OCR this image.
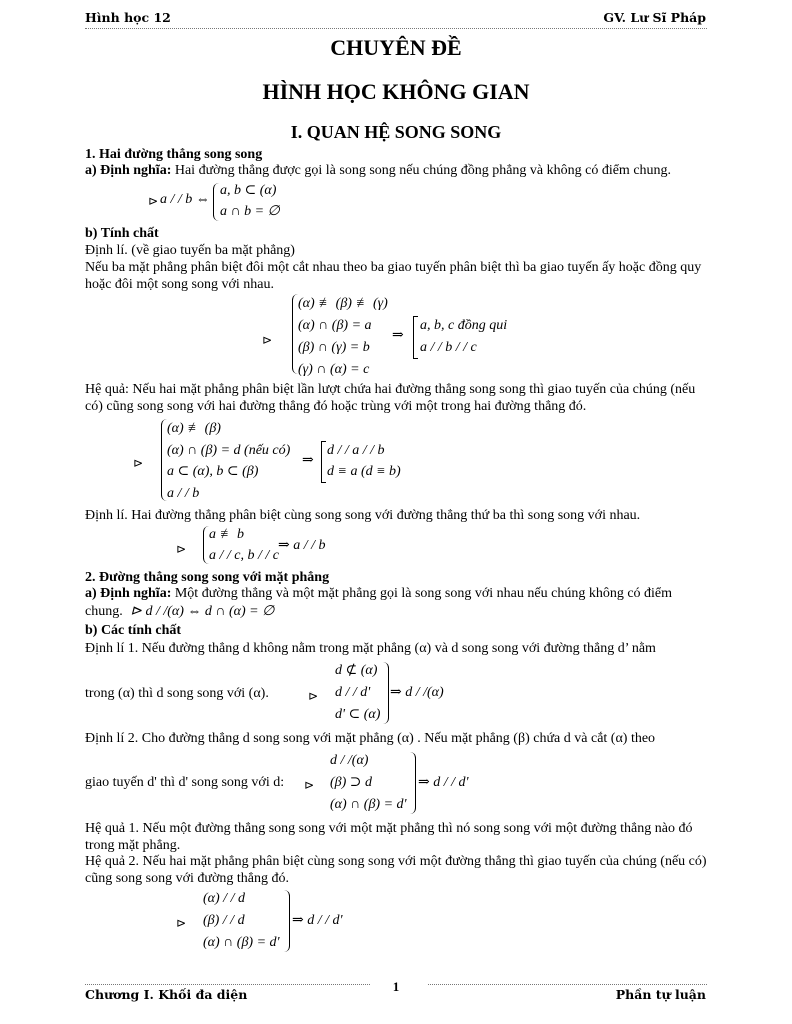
Hình học 12	GV. Lư Sĩ Pháp
CHUYÊN ĐỀ
HÌNH HỌC KHÔNG GIAN
I. QUAN HỆ SONG SONG
1. Hai đường thẳng song song
a) Định nghĩa: Hai đường thẳng được gọi là song song nếu chúng đồng phẳng và không có điểm chung.
⊳ a / / b ⇔
a, b ⊂ (α)
a ∩ b = ∅
b) Tính chất
Định lí. (về giao tuyến ba mặt phẳng)
Nếu ba mặt phẳng phân biệt đôi một cắt nhau theo ba giao tuyến phân biệt thì ba giao tuyến ấy hoặc đồng quy hoặc đôi một song song với nhau.
⊳
(α) ≢ (β) ≢ (γ)
(α) ∩ (β) = a
(β) ∩ (γ) = b
(γ) ∩ (α) = c
⇒
a, b, c đồng qui
a / / b / / c
Hệ quả: Nếu hai mặt phẳng phân biệt lần lượt chứa hai đường thẳng song song thì giao tuyến của chúng (nếu có) cũng song song với hai đường thẳng đó hoặc trùng với một trong hai đường thẳng đó.
⊳
(α) ≢ (β)
(α) ∩ (β) = d (nếu có)
a ⊂ (α), b ⊂ (β)
a / / b
⇒
d / / a / / b
d ≡ a (d ≡ b)
Định lí. Hai đường thẳng phân biệt cùng song song với đường thẳng thứ ba thì song song với nhau.
⊳
a ≢ b
a / / c, b / / c
⇒ a / / b
2. Đường thẳng song song với mặt phẳng
a) Định nghĩa: Một đường thẳng và một mặt phẳng gọi là song song với nhau nếu chúng không có điểm
chung. ⊳ d / /(α) ⇔ d ∩ (α) = ∅
b) Các tính chất
Định lí 1. Nếu đường thẳng d không nằm trong mặt phẳng (α) và d song song với đường thẳng d’ nằm
trong (α) thì d song song với (α).	⊳
d ⊄ (α)
d / / d'
d' ⊂ (α)
⇒ d / /(α)
Định lí 2. Cho đường thẳng d song song với mặt phẳng (α) . Nếu mặt phẳng (β) chứa d và cắt (α) theo
giao tuyến d' thì d' song song với d:	⊳
d / /(α)
(β) ⊃ d
(α) ∩ (β) = d'
⇒ d / / d'
Hệ quả 1. Nếu một đường thẳng song song với một mặt phẳng thì nó song song với một đường thẳng nào đó trong mặt phẳng.
Hệ quả 2. Nếu hai mặt phẳng phân biệt cùng song song với một đường thẳng thì giao tuyến của chúng (nếu có) cũng song song với đường thẳng đó.
⊳
(α) / / d
(β) / / d
(α) ∩ (β) = d'
⇒ d / / d'
1
Chương I. Khối đa diện	Phần tự luận
